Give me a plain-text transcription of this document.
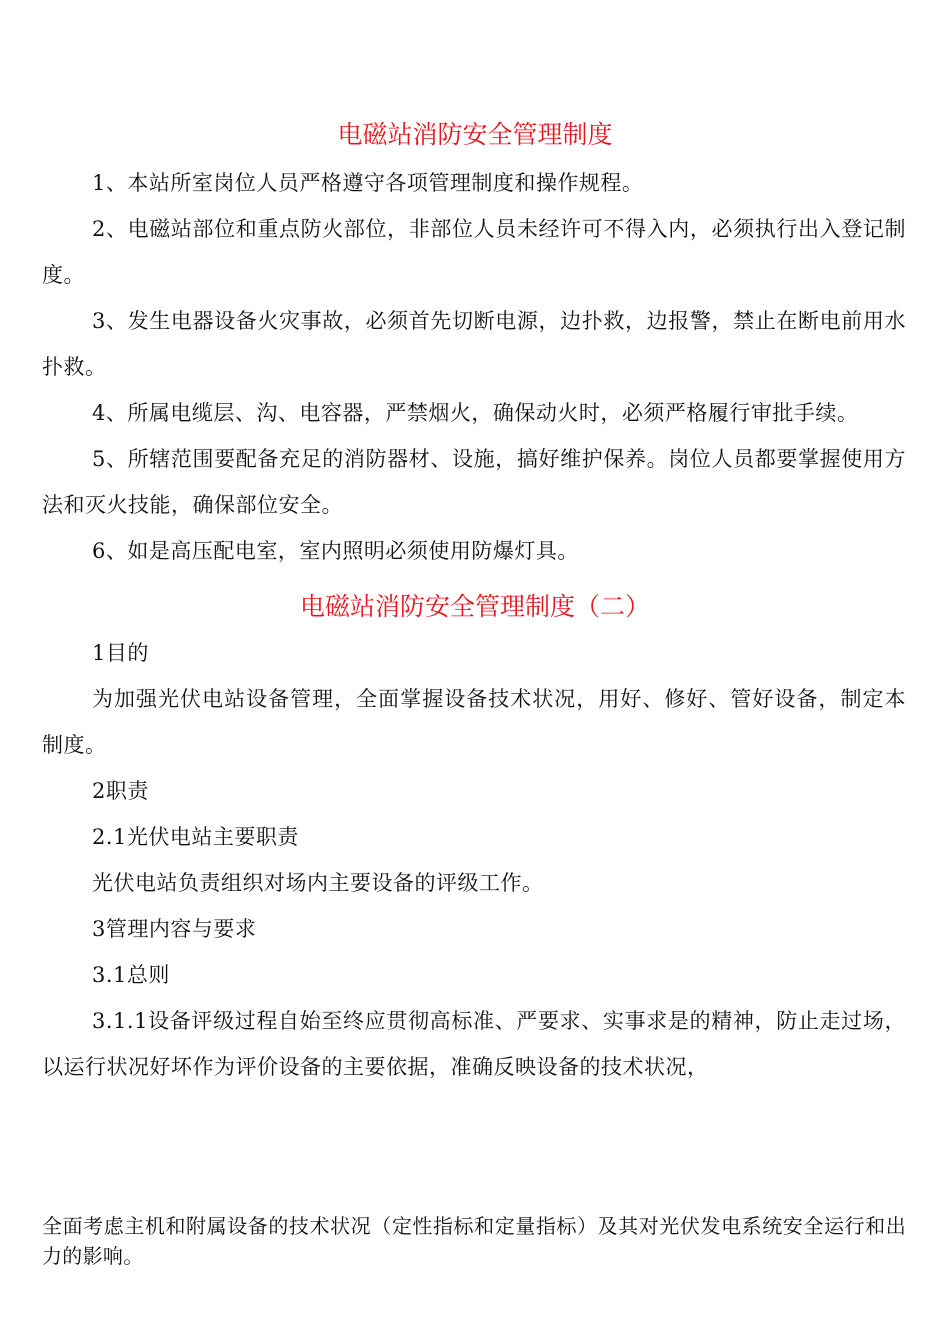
电磁站消防安全管理制度

1、本站所室岗位人员严格遵守各项管理制度和操作规程。

2、电磁站部位和重点防火部位，非部位人员未经许可不得入内，必须执行出入登记制度。

3、发生电器设备火灾事故，必须首先切断电源，边扑救，边报警，禁止在断电前用水扑救。

4、所属电缆层、沟、电容器，严禁烟火，确保动火时，必须严格履行审批手续。

5、所辖范围要配备充足的消防器材、设施，搞好维护保养。岗位人员都要掌握使用方法和灭火技能，确保部位安全。

6、如是高压配电室，室内照明必须使用防爆灯具。

电磁站消防安全管理制度（二）

1目的

为加强光伏电站设备管理，全面掌握设备技术状况，用好、修好、管好设备，制定本制度。

2职责

2.1光伏电站主要职责

光伏电站负责组织对场内主要设备的评级工作。

3管理内容与要求

3.1总则

3.1.1设备评级过程自始至终应贯彻高标准、严要求、实事求是的精神，防止走过场，以运行状况好坏作为评价设备的主要依据，准确反映设备的技术状况，

全面考虑主机和附属设备的技术状况（定性指标和定量指标）及其对光伏发电系统安全运行和出力的影响。
